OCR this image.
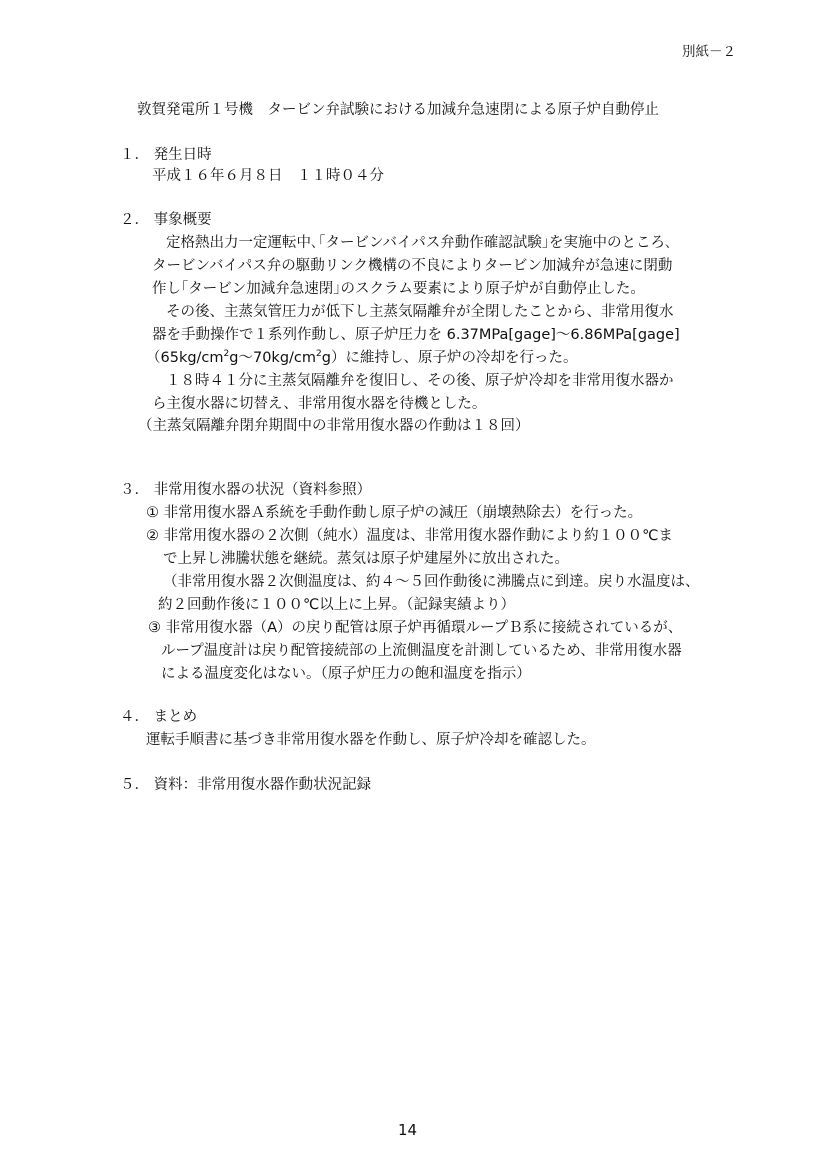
別紙－２
敦賀発電所１号機　タービン弁試験における加減弁急速閉による原子炉自動停止
１． 発生日時
平成１６年６月８日　１１時０４分
２． 事象概要
定格熱出力一定運転中､｢タービンバイパス弁動作確認試験｣を実施中のところ､
タービンバイパス弁の駆動リンク機構の不良によりタービン加減弁が急速に閉動
作し｢タービン加減弁急速閉｣のスクラム要素により原子炉が自動停止した。
その後、主蒸気管圧力が低下し主蒸気隔離弁が全閉したことから、非常用復水
器を手動操作で１系列作動し、原子炉圧力を 6.37MPa[gage]～6.86MPa[gage]
$(65kg/cm^2g\sim 70kg/cm^2g)$に維持し、原子炉の冷却を行った。
１８時４１分に主蒸気隔離弁を復旧し、その後、原子炉冷却を非常用復水器か
ら主復水器に切替え、非常用復水器を待機とした。
（主蒸気隔離弁閉弁期間中の非常用復水器の作動は１８回）
３． 非常用復水器の状況（資料参照）
① 非常用復水器Ａ系統を手動作動し原子炉の減圧（崩壊熱除去）を行った。
② 非常用復水器の２次側（純水）温度は、非常用復水器作動により約１００℃ま
で上昇し沸騰状態を継続。蒸気は原子炉建屋外に放出された。
（非常用復水器２次側温度は、約４～５回作動後に沸騰点に到達。戻り水温度は、
約２回動作後に１００℃以上に上昇。（記録実績より）
③ 非常用復水器（A）の戻り配管は原子炉再循環ループＢ系に接続されているが、
ループ温度計は戻り配管接続部の上流側温度を計測しているため、非常用復水器
による温度変化はない。（原子炉圧力の飽和温度を指示）
４． まとめ
運転手順書に基づき非常用復水器を作動し、原子炉冷却を確認した。
５． 資料：非常用復水器作動状況記録
14
